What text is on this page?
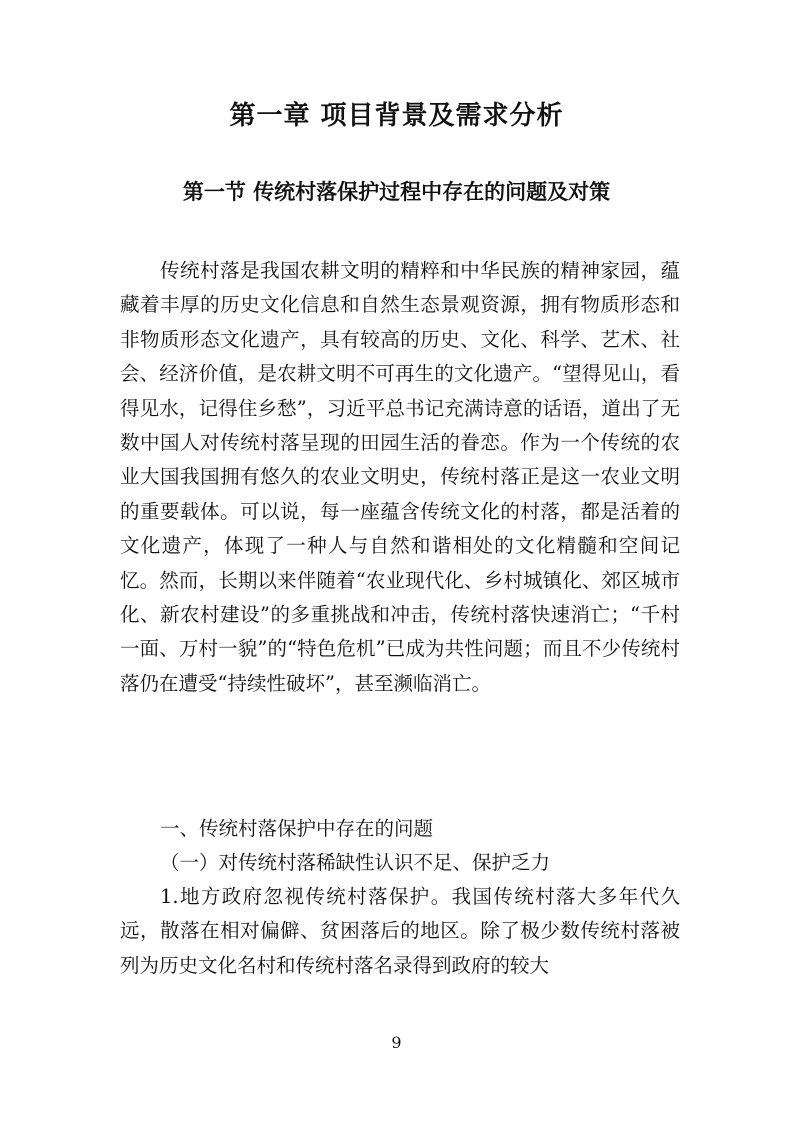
第一章 项目背景及需求分析
第一节 传统村落保护过程中存在的问题及对策

传统村落是我国农耕文明的精粹和中华民族的精神家园，蕴藏着丰厚的历史文化信息和自然生态景观资源，拥有物质形态和非物质形态文化遗产，具有较高的历史、文化、科学、艺术、社会、经济价值，是农耕文明不可再生的文化遗产。“望得见山，看得见水，记得住乡愁”，习近平总书记充满诗意的话语，道出了无数中国人对传统村落呈现的田园生活的眷恋。作为一个传统的农业大国我国拥有悠久的农业文明史，传统村落正是这一农业文明的重要载体。可以说，每一座蕴含传统文化的村落，都是活着的文化遗产，体现了一种人与自然和谐相处的文化精髓和空间记忆。然而，长期以来伴随着“农业现代化、乡村城镇化、郊区城市化、新农村建设”的多重挑战和冲击，传统村落快速消亡；“千村一面、万村一貌”的“特色危机”已成为共性问题；而且不少传统村落仍在遭受“持续性破坏”，甚至濒临消亡。

一、传统村落保护中存在的问题

（一）对传统村落稀缺性认识不足、保护乏力

1.地方政府忽视传统村落保护。我国传统村落大多年代久远，散落在相对偏僻、贫困落后的地区。除了极少数传统村落被列为历史文化名村和传统村落名录得到政府的较大

9
